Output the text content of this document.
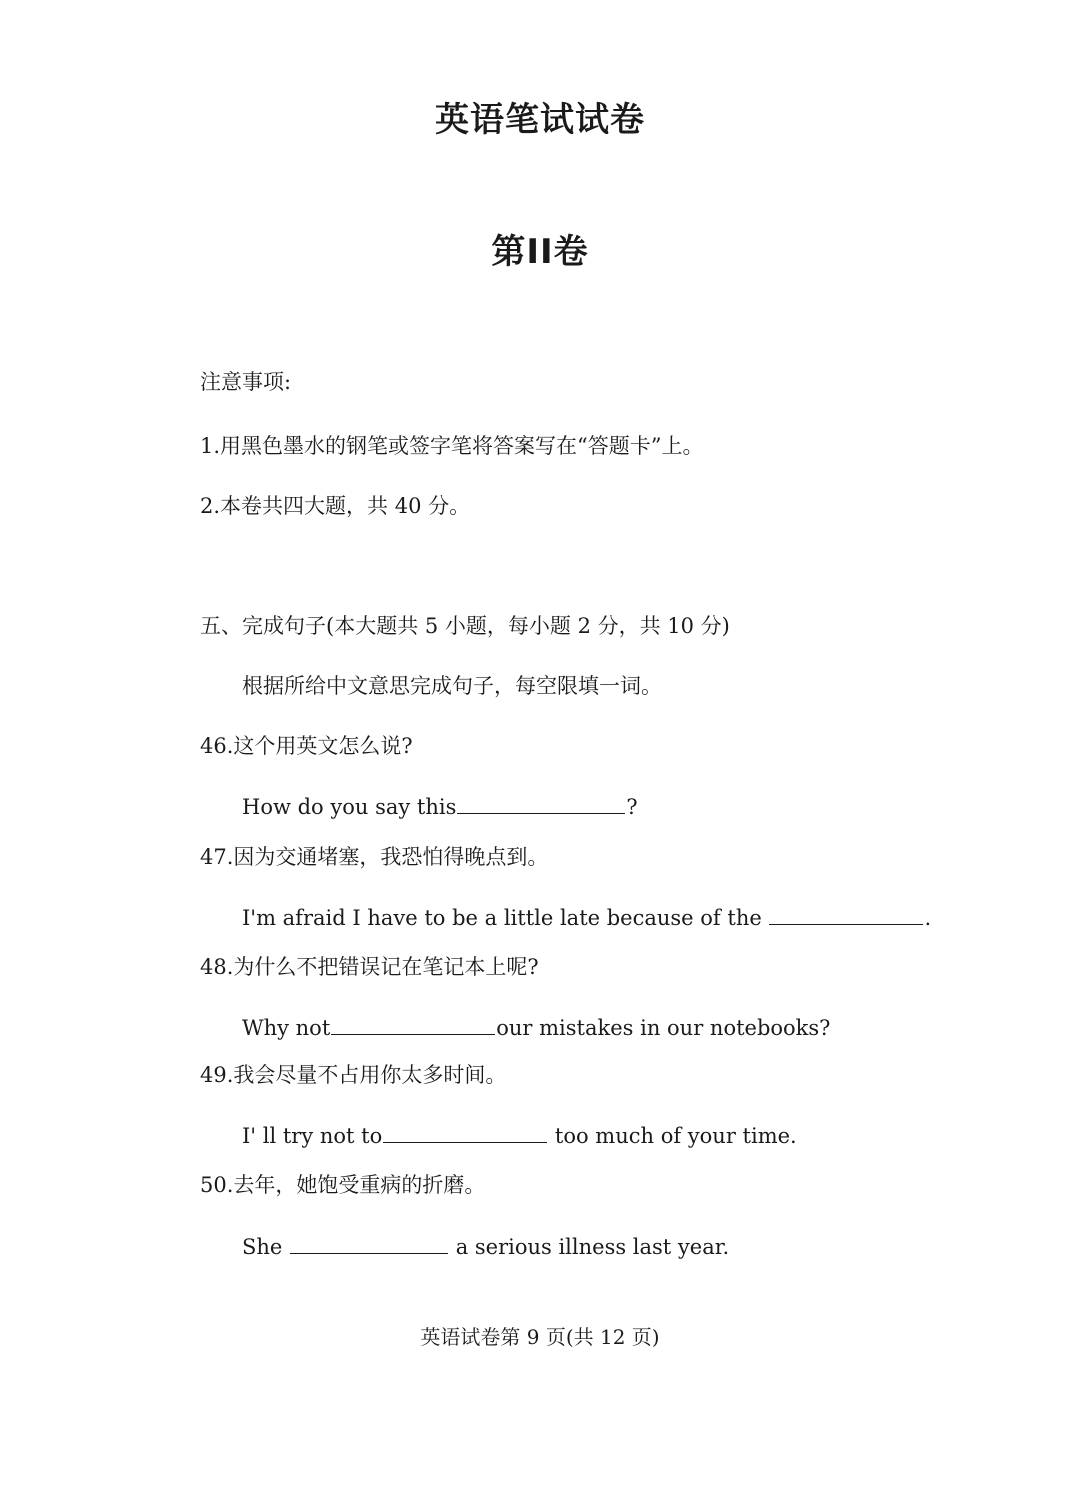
英语笔试试卷
第II卷
注意事项:
1.用黑色墨水的钢笔或签字笔将答案写在“答题卡”上。
2.本卷共四大题，共 40 分。
五、完成句子(本大题共 5 小题，每小题 2 分，共 10 分)
根据所给中文意思完成句子，每空限填一词。
46.这个用英文怎么说?
How do you say this	?
47.因为交通堵塞，我恐怕得晚点到。
I'm afraid I have to be a little late because of the	.
48.为什么不把错误记在笔记本上呢?
Why not	our mistakes in our notebooks?
49.我会尽量不占用你太多时间。
I' ll try not to	too much of your time.
50.去年，她饱受重病的折磨。
She	a serious illness last year.
英语试卷第 9 页(共 12 页)
